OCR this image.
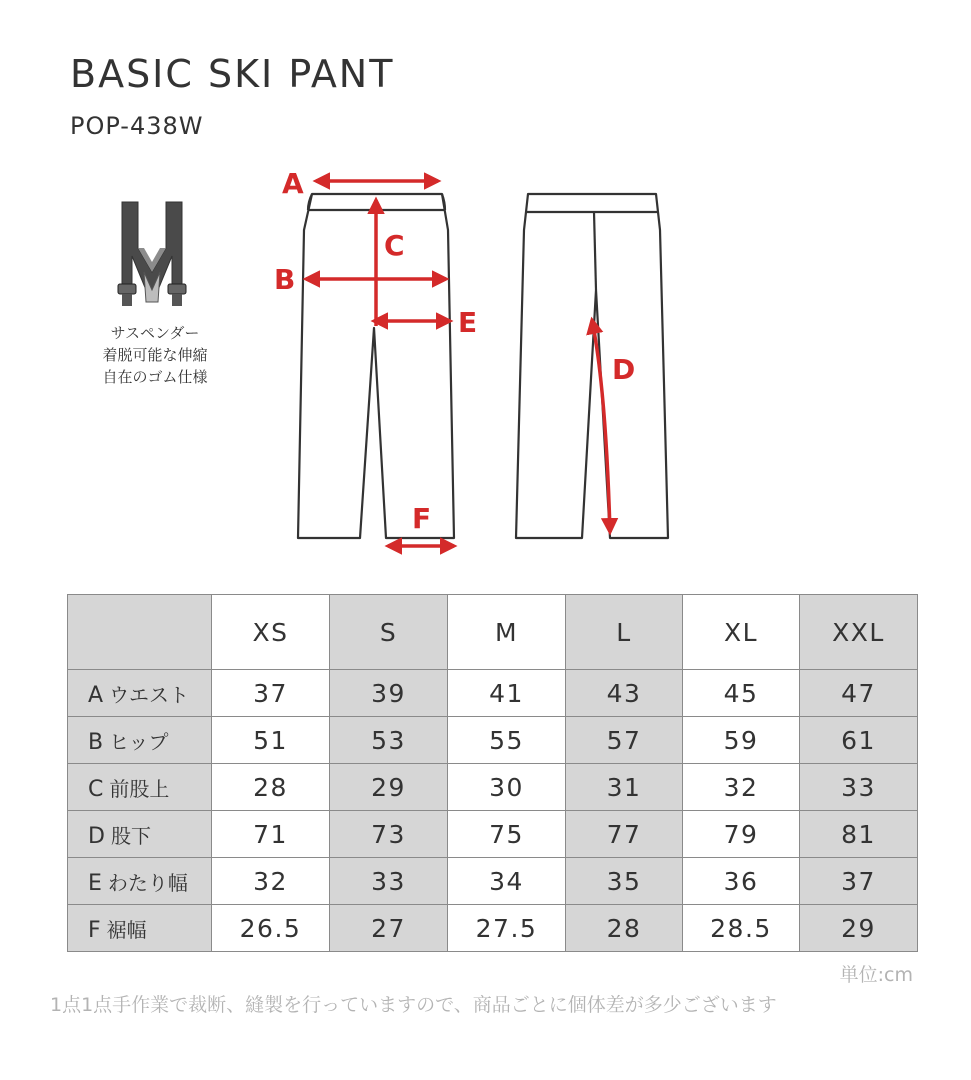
BASIC SKI PANT
POP-438W
サスペンダー
着脱可能な伸縮
自在のゴム仕様
A
B
C
D
E
F
	XS	S	M	L	XL	XXL
A ウエスト	37	39	41	43	45	47
B ヒップ	51	53	55	57	59	61
C 前股上	28	29	30	31	32	33
D 股下	71	73	75	77	79	81
E わたり幅	32	33	34	35	36	37
F 裾幅	26.5	27	27.5	28	28.5	29
単位:cm
1点1点手作業で裁断、縫製を行っていますので、商品ごとに個体差が多少ございます
